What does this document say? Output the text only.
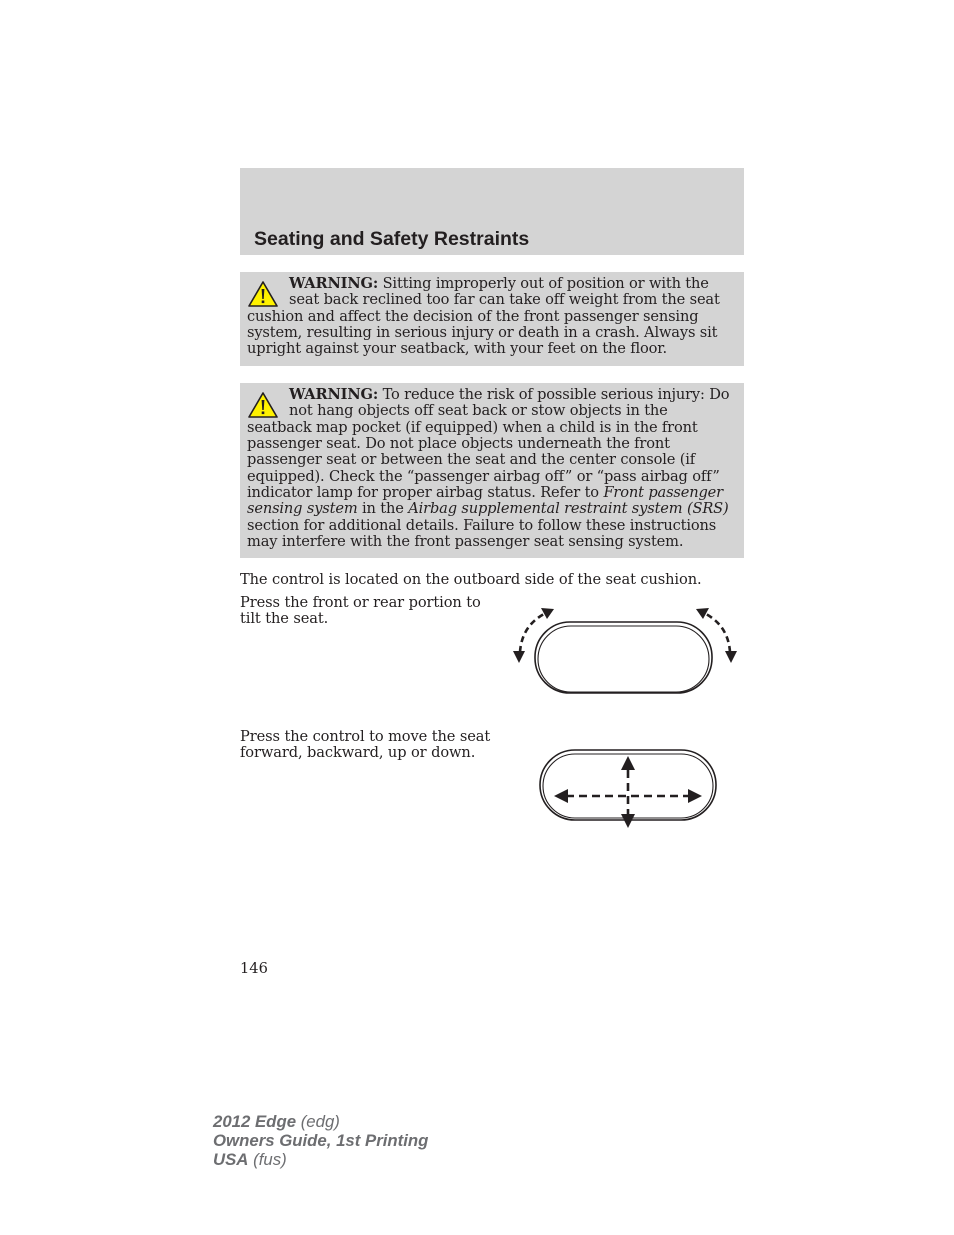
Seating and Safety Restraints

WARNING: Sitting improperly out of position or with the seat back reclined too far can take off weight from the seat cushion and affect the decision of the front passenger sensing system, resulting in serious injury or death in a crash. Always sit upright against your seatback, with your feet on the floor.

WARNING: To reduce the risk of possible serious injury: Do not hang objects off seat back or stow objects in the seatback map pocket (if equipped) when a child is in the front passenger seat. Do not place objects underneath the front passenger seat or between the seat and the center console (if equipped). Check the “passenger airbag off” or “pass airbag off” indicator lamp for proper airbag status. Refer to Front passenger sensing system in the Airbag supplemental restraint system (SRS) section for additional details. Failure to follow these instructions may interfere with the front passenger seat sensing system.

The control is located on the outboard side of the seat cushion.

Press the front or rear portion to tilt the seat.

Press the control to move the seat forward, backward, up or down.

146

2012 Edge (edg)
Owners Guide, 1st Printing
USA (fus)
